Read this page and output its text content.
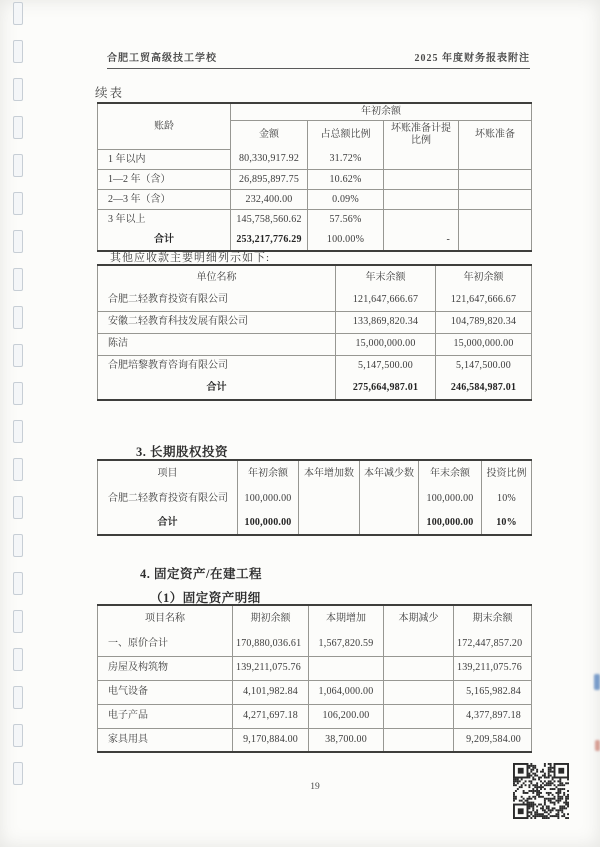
合肥工贸高级技工学校	2025 年度财务报表附注
续表
账龄	年初余额			
	金额	占总额比例	坏账准备计提比例	坏账准备
1 年以内	80,330,917.92	31.72%		
1—2 年（含）	26,895,897.75	10.62%		
2—3 年（含）	232,400.00	0.09%		
3 年以上	145,758,560.62	57.56%		
合计	253,217,776.29	100.00%	-	
其他应收款主要明细列示如下:
单位名称	年末余额	年初余额
合肥二轻教育投资有限公司	121,647,666.67	121,647,666.67
安徽二轻教育科技发展有限公司	133,869,820.34	104,789,820.34
陈洁	15,000,000.00	15,000,000.00
合肥培黎教育咨询有限公司	5,147,500.00	5,147,500.00
合计	275,664,987.01	246,584,987.01
3. 长期股权投资
项目	年初余额	本年增加数	本年减少数	年末余额	投资比例
合肥二轻教育投资有限公司	100,000.00			100,000.00	10%
合计	100,000.00			100,000.00	10%
4. 固定资产/在建工程
（1）固定资产明细
项目名称	期初余额	本期增加	本期减少	期末余额
一、原价合计	170,880,036.61	1,567,820.59		172,447,857.20
房屋及构筑物	139,211,075.76			139,211,075.76
电气设备	4,101,982.84	1,064,000.00		5,165,982.84
电子产品	4,271,697.18	106,200.00		4,377,897.18
家具用具	9,170,884.00	38,700.00		9,209,584.00
19
